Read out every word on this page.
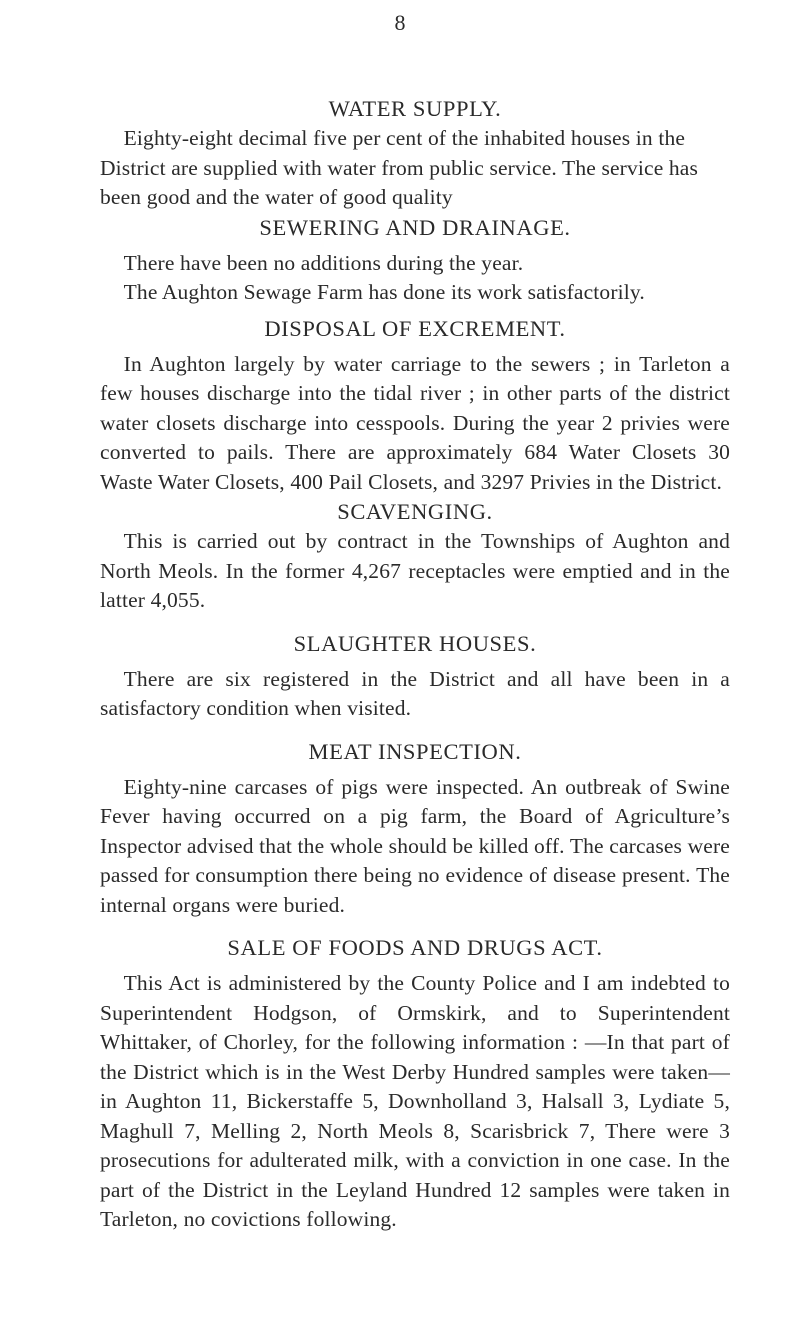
8
WATER SUPPLY.

Eighty-eight decimal five per cent of the inhabited houses in the District are supplied with water from public service. The service has been good and the water of good quality

SEWERING AND DRAINAGE.

There have been no additions during the year.

The Aughton Sewage Farm has done its work satisfactorily.

DISPOSAL OF EXCREMENT.

In Aughton largely by water carriage to the sewers ; in Tarleton a few houses discharge into the tidal river ; in other parts of the district water closets discharge into cesspools. During the year 2 privies were converted to pails. There are approximately 684 Water Closets 30 Waste Water Closets, 400 Pail Closets, and 3297 Privies in the District.

SCAVENGING.

This is carried out by contract in the Townships of Aughton and North Meols. In the former 4,267 receptacles were emptied and in the latter 4,055.

SLAUGHTER HOUSES.

There are six registered in the District and all have been in a satisfactory condition when visited.

MEAT INSPECTION.

Eighty-nine carcases of pigs were inspected. An outbreak of Swine Fever having occurred on a pig farm, the Board of Agriculture’s Inspector advised that the whole should be killed off. The carcases were passed for consumption there being no evidence of disease present. The internal organs were buried.

SALE OF FOODS AND DRUGS ACT.

This Act is administered by the County Police and I am indebted to Superintendent Hodgson, of Ormskirk, and to Superintendent Whittaker, of Chorley, for the following information : —In that part of the District which is in the West Derby Hundred samples were taken—in Aughton 11, Bickerstaffe 5, Downholland 3, Halsall 3, Lydiate 5, Maghull 7, Melling 2, North Meols 8, Scarisbrick 7, There were 3 prosecutions for adulterated milk, with a conviction in one case. In the part of the District in the Leyland Hundred 12 samples were taken in Tarleton, no covictions following.
